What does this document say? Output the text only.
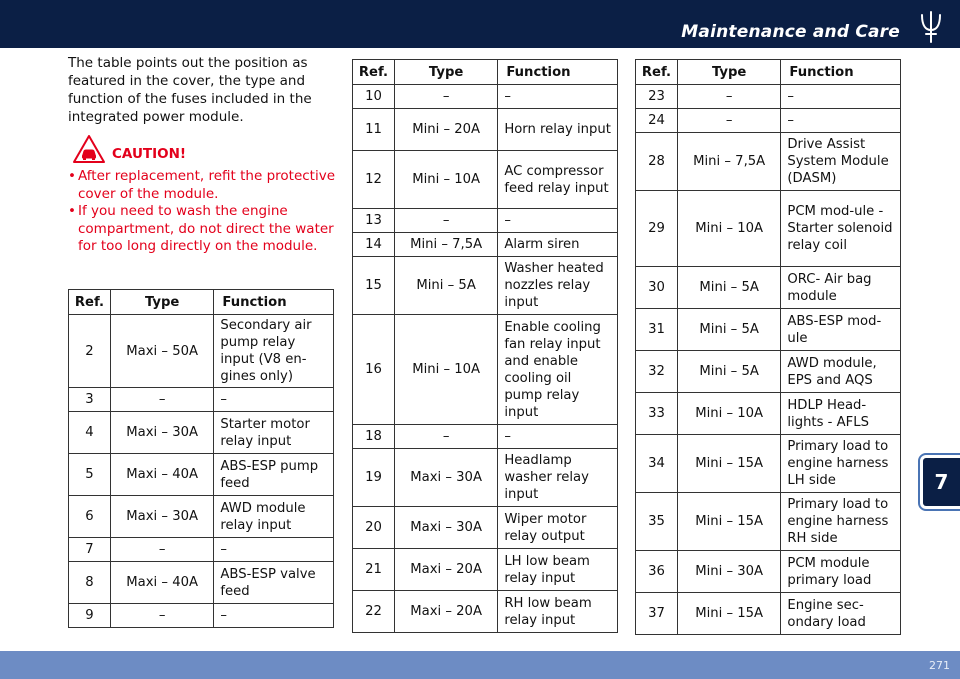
Maintenance and Care
7

The table points out the position as featured in the cover, the type and function of the fuses included in the integrated power module.

CAUTION!
• After replacement, refit the protective cover of the module.
• If you need to wash the engine compartment, do not direct the water for too long directly on the module.
Ref.	Type	Function
2	Maxi – 50A	Secondary air pump relay input (V8 en-gines only)
3	–	–
4	Maxi – 30A	Starter motor relay input
5	Maxi – 40A	ABS-ESP pump feed
6	Maxi – 30A	AWD module relay input
7	–	–
8	Maxi – 40A	ABS-ESP valve feed
9	–	–
Ref.	Type	Function
10	–	–
11	Mini – 20A	Horn relay input
12	Mini – 10A	AC compressor feed relay input
13	–	–
14	Mini – 7,5A	Alarm siren
15	Mini – 5A	Washer heated nozzles relay input
16	Mini – 10A	Enable cooling fan relay input and enable cooling oil pump relay input
18	–	–
19	Maxi – 30A	Headlamp washer relay input
20	Maxi – 30A	Wiper motor relay output
21	Maxi – 20A	LH low beam relay input
22	Maxi – 20A	RH low beam relay input
Ref.	Type	Function
23	–	–
24	–	–
28	Mini – 7,5A	Drive Assist System Module (DASM)
29	Mini – 10A	PCM mod-ule - Starter solenoid relay coil
30	Mini – 5A	ORC- Air bag module
31	Mini – 5A	ABS-ESP mod-ule
32	Mini – 5A	AWD module, EPS and AQS
33	Mini – 10A	HDLP Head-lights - AFLS
34	Mini – 15A	Primary load to engine harness LH side
35	Mini – 15A	Primary load to engine harness RH side
36	Mini – 30A	PCM module primary load
37	Mini – 15A	Engine sec-ondary load
271
